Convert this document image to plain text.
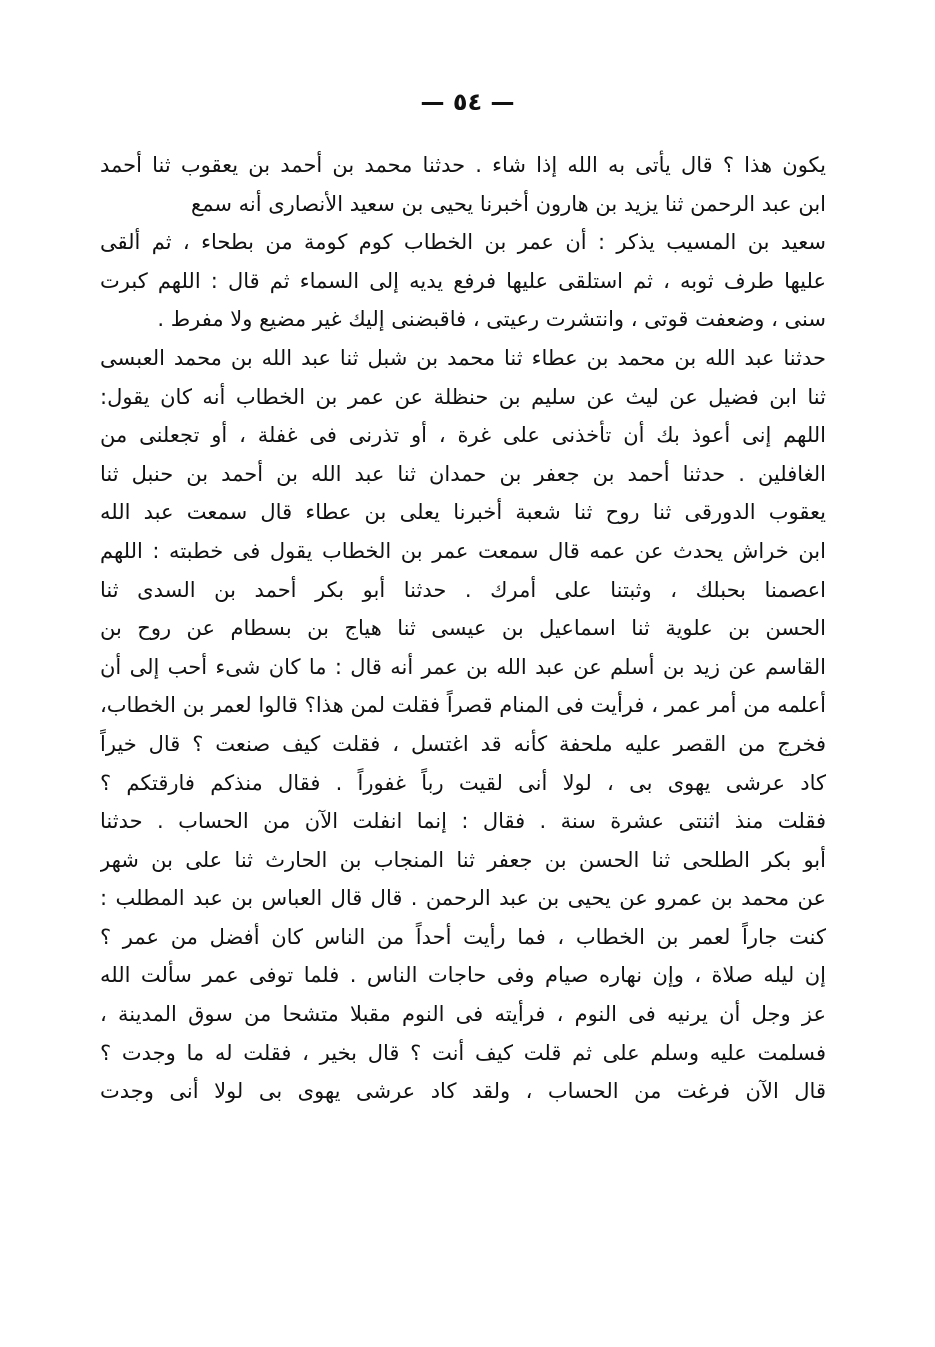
— ٥٤ —
يكون هذا ؟ قال يأتى به الله إذا شاء . حدثنا محمد بن أحمد بن يعقوب ثنا أحمد
ابن عبد الرحمن ثنا يزيد بن هارون أخبرنا يحيى بن سعيد الأنصارى أنه سمع
سعيد بن المسيب يذكر : أن عمر بن الخطاب كوم كومة من بطحاء ، ثم ألقى
عليها طرف ثوبه ، ثم استلقى عليها فرفع يديه إلى السماء ثم قال : اللهم كبرت
سنى ، وضعفت قوتى ، وانتشرت رعيتى ، فاقبضنى إليك غير مضيع ولا مفرط .
حدثنا عبد الله بن محمد بن عطاء ثنا محمد بن شبل ثنا عبد الله بن محمد العبسى
ثنا ابن فضيل عن ليث عن سليم بن حنظلة عن عمر بن الخطاب أنه كان يقول:
اللهم إنى أعوذ بك أن تأخذنى على غرة ، أو تذرنى فى غفلة ، أو تجعلنى من
الغافلين . حدثنا أحمد بن جعفر بن حمدان ثنا عبد الله بن أحمد بن حنبل ثنا
يعقوب الدورقى ثنا روح ثنا شعبة أخبرنا يعلى بن عطاء قال سمعت عبد الله
ابن خراش يحدث عن عمه قال سمعت عمر بن الخطاب يقول فى خطبته : اللهم
اعصمنا بحبلك ، وثبتنا على أمرك . حدثنا أبو بكر أحمد بن السدى ثنا
الحسن بن علوية ثنا اسماعيل بن عيسى ثنا هياج بن بسطام عن روح بن
القاسم عن زيد بن أسلم عن عبد الله بن عمر أنه قال : ما كان شىء أحب إلى أن
أعلمه من أمر عمر ، فرأيت فى المنام قصراً فقلت لمن هذا؟ قالوا لعمر بن الخطاب،
فخرج من القصر عليه ملحفة كأنه قد اغتسل ، فقلت كيف صنعت ؟ قال خيراً
كاد عرشى يهوى بى ، لولا أنى لقيت رباً غفوراً . فقال منذكم فارقتكم ؟
فقلت منذ اثنتى عشرة سنة . فقال : إنما انفلت الآن من الحساب . حدثنا
أبو بكر الطلحى ثنا الحسن بن جعفر ثنا المنجاب بن الحارث ثنا على بن شهر
عن محمد بن عمرو عن يحيى بن عبد الرحمن . قال قال العباس بن عبد المطلب :
كنت جاراً لعمر بن الخطاب ، فما رأيت أحداً من الناس كان أفضل من عمر ؟
إن ليله صلاة ، وإن نهاره صيام وفى حاجات الناس . فلما توفى عمر سألت الله
عز وجل أن يرنيه فى النوم ، فرأيته فى النوم مقبلا متشحا من سوق المدينة ،
فسلمت عليه وسلم على ثم قلت كيف أنت ؟ قال بخير ، فقلت له ما وجدت ؟
قال الآن فرغت من الحساب ، ولقد كاد عرشى يهوى بى لولا أنى وجدت
